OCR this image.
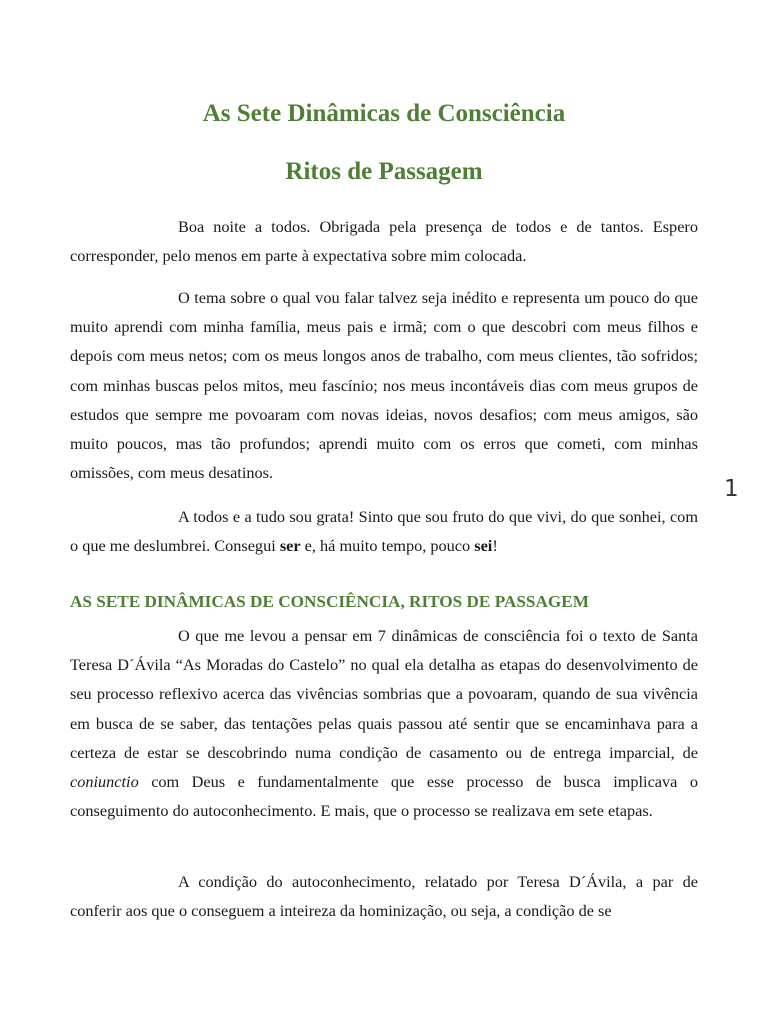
As Sete Dinâmicas de Consciência
Ritos de Passagem

Boa noite a todos. Obrigada pela presença de todos e de tantos. Espero corresponder, pelo menos em parte à expectativa sobre mim colocada.

O tema sobre o qual vou falar talvez seja inédito e representa um pouco do que muito aprendi com minha família, meus pais e irmã; com o que descobri com meus filhos e depois com meus netos; com os meus longos anos de trabalho, com meus clientes, tão sofridos; com minhas buscas pelos mitos, meu fascínio; nos meus incontáveis dias com meus grupos de estudos que sempre me povoaram com novas ideias, novos desafios; com meus amigos, são muito poucos, mas tão profundos; aprendi muito com os erros que cometi, com minhas omissões, com meus desatinos.

A todos e a tudo sou grata! Sinto que sou fruto do que vivi, do que sonhei, com o que me deslumbrei. Consegui ser e, há muito tempo, pouco sei!

AS SETE DINÂMICAS DE CONSCIÊNCIA, RITOS DE PASSAGEM

O que me levou a pensar em 7 dinâmicas de consciência foi o texto de Santa Teresa D´Ávila “As Moradas do Castelo” no qual ela detalha as etapas do desenvolvimento de seu processo reflexivo acerca das vivências sombrias que a povoaram, quando de sua vivência em busca de se saber, das tentações pelas quais passou até sentir que se encaminhava para a certeza de estar se descobrindo numa condição de casamento ou de entrega imparcial, de coniunctio com Deus e fundamentalmente que esse processo de busca implicava o conseguimento do autoconhecimento. E mais, que o processo se realizava em sete etapas.

A condição do autoconhecimento, relatado por Teresa D´Ávila, a par de conferir aos que o conseguem a inteireza da hominização, ou seja, a condição de se

1
